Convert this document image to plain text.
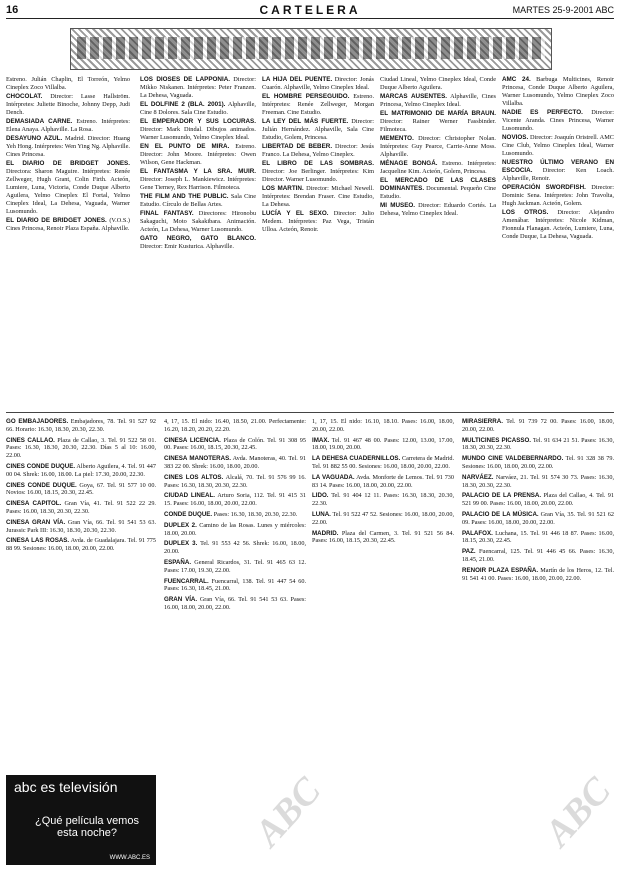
16	CARTELERA	MARTES 25-9-2001 ABC

Estreno. Julián Chaplin, El Torreón, Yelmo Cineplex Zoco Villalba.

CHOCOLAT. Director: Lasse Hallström. Intérpretes: Juliette Binoche, Johnny Depp, Judi Dench.

DEMASIADA CARNE. Estreno. Intérpretes: Elena Anaya. Alphaville. La Rosa.

DESAYUNO AZUL. Madrid. Director: Huang Yeh Hong. Intérpretes: Wen Ying Ng. Alphaville. Cines Princesa.

EL DIARIO DE BRIDGET JONES. Directora: Sharon Maguire. Intérpretes: Renée Zellweger, Hugh Grant, Colin Firth. Acteón, Lumiere, Luna, Victoria, Conde Duque Alberto Aguilera, Yelmo Cineplex El Fortal, Yelmo Cineplex Ideal, La Dehesa, Vaguada, Warner Lusomundo.

EL DIARIO DE BRIDGET JONES. (V.O.S.) Cines Princesa, Renoir Plaza España. Alphaville.

LOS DIOSES DE LAPPONIA. Director: Mikko Niskanen. Intérpretes: Peter Franzen. La Dehesa, Vaguada.

EL DOLFINE 2 (BLA. 2001). Alphaville, Cine 8 Dolores. Sala Cine Estudio.

EL EMPERADOR Y SUS LOCURAS. Director: Mark Dindal. Dibujos animados. Warner Lusomundo, Yelmo Cineplex Ideal.

EN EL PUNTO DE MIRA. Estreno. Director: John Moore. Intérpretes: Owen Wilson, Gene Hackman.

EL FANTASMA Y LA SRA. MUIR. Director: Joseph L. Mankiewicz. Intérpretes: Gene Tierney, Rex Harrison. Filmoteca.

THE FILM AND THE PUBLIC. Sala Cine Estudio. Círculo de Bellas Artes.

FINAL FANTASY. Directores: Hironobu Sakaguchi, Moto Sakakibara. Animación. Acteón, La Dehesa, Warner Lusomundo.

GATO NEGRO, GATO BLANCO. Director: Emir Kusturica. Alphaville.

LA HIJA DEL PUENTE. Director: Jonás Cuarón. Alphaville, Yelmo Cineplex Ideal.

EL HOMBRE PERSEGUIDO. Estreno. Intérpretes: Renée Zellweger, Morgan Freeman. Cine Estudio.

LA LEY DEL MÁS FUERTE. Director: Julián Hernández. Alphaville, Sala Cine Estudio, Golem, Princesa.

LIBERTAD DE BEBER. Director: Jesús Franco. La Dehesa, Yelmo Cineplex.

EL LIBRO DE LAS SOMBRAS. Director: Joe Berlinger. Intérpretes: Kim Director. Warner Lusomundo.

LOS MARTIN. Director: Michael Newell. Intérpretes: Brendan Fraser. Cine Estudio, La Dehesa.

LUCÍA Y EL SEXO. Director: Julio Medem. Intérpretes: Paz Vega, Tristán Ulloa. Acteón, Renoir.

Ciudad Lineal, Yelmo Cineplex Ideal, Conde Duque Alberto Aguilera.

MARCAS AUSENTES. Alphaville, Cines Princesa, Yelmo Cineplex Ideal.

EL MATRIMONIO DE MARÍA BRAUN. Director: Rainer Werner Fassbinder. Filmoteca.

MEMENTO. Director: Christopher Nolan. Intérpretes: Guy Pearce, Carrie-Anne Moss. Alphaville.

MÉNAGE BONGÁ. Estreno. Intérpretes: Jacqueline Kim. Acteón, Golem, Princesa.

EL MERCADO DE LAS CLASES DOMINANTES. Documental. Pequeño Cine Estudio.

MI MUSEO. Director: Eduardo Cortés. La Dehesa, Yelmo Cineplex Ideal.

AMC 24. Barbuga Multicines, Renoir Princesa, Conde Duque Alberto Aguilera, Warner Lusomundo, Yelmo Cineplex Zoco Villalba.

NADIE ES PERFECTO. Director: Vicente Aranda. Cines Princesa, Warner Lusomundo.

NOVIOS. Director: Joaquín Oristrell. AMC Cine Club, Yelmo Cineplex Ideal, Warner Lusomundo.

NUESTRO ÚLTIMO VERANO EN ESCOCIA. Director: Ken Loach. Alphaville, Renoir.

OPERACIÓN SWORDFISH. Director: Dominic Sena. Intérpretes: John Travolta, Hugh Jackman. Acteón, Golem.

LOS OTROS. Director: Alejandro Amenábar. Intérpretes: Nicole Kidman, Fionnula Flanagan. Acteón, Lumiere, Luna, Conde Duque, La Dehesa, Vaguada.

GO EMBAJADORES. Embajadores, 78. Tel. 91 527 92 66. Horario: 16.30, 18.30, 20.30, 22.30.

CINES CALLAO. Plaza de Callao, 3. Tel. 91 522 58 01. Pases: 16.30, 18.30, 20.30, 22.30. Días 5 al 10: 16.00, 22.00.

CINES CONDE DUQUE. Alberto Aguilera, 4. Tel. 91 447 00 04. Shrek: 16.00, 18.00. La piel: 17.30, 20.00, 22.30.

CINES CONDE DUQUE. Goya, 67. Tel. 91 577 10 00. Novios: 16.00, 18.15, 20.30, 22.45.

CINESA CAPITOL. Gran Vía, 41. Tel. 91 522 22 29. Pases: 16.00, 18.30, 20.30, 22.30.

CINESA GRAN VÍA. Gran Vía, 66. Tel. 91 541 53 63. Jurassic Park III: 16.30, 18.30, 20.30, 22.30.

CINESA LAS ROSAS. Avda. de Guadalajara. Tel. 91 775 88 99. Sesiones: 16.00, 18.00, 20.00, 22.00.

4, 17, 15. El nido: 16.40, 18.50, 21.00. Perfectamente: 16.20, 18.20, 20.20, 22.20.

CINESA LICENCIA. Plaza de Colón. Tel. 91 308 95 00. Pases: 16.00, 18.15, 20.30, 22.45.

CINESA MANOTERAS. Avda. Manoteras, 40. Tel. 91 383 22 00. Shrek: 16.00, 18.00, 20.00.

CINES LOS ALTOS. Alcalá, 70. Tel. 91 576 99 16. Pases: 16.30, 18.30, 20.30, 22.30.

CIUDAD LINEAL. Arturo Soria, 112. Tel. 91 415 31 15. Pases: 16.00, 18.00, 20.00, 22.00.

CONDE DUQUE. Pases: 16.30, 18.30, 20.30, 22.30.

DUPLEX 2. Camino de las Rosas. Lunes y miércoles: 18.00, 20.00.

DUPLEX 3. Tel. 91 553 42 56. Shrek: 16.00, 18.00, 20.00.

ESPAÑA. General Ricardos, 31. Tel. 91 465 63 12. Pases: 17.00, 19.30, 22.00.

FUENCARRAL. Fuencarral, 138. Tel. 91 447 54 60. Pases: 16.30, 18.45, 21.00.

GRAN VÍA. Gran Vía, 66. Tel. 91 541 53 63. Pases: 16.00, 18.00, 20.00, 22.00.

1, 17, 15. El nido: 16.10, 18.10. Pases: 16.00, 18.00, 20.00, 22.00.

IMAX. Tel. 91 467 48 00. Pases: 12.00, 13.00, 17.00, 18.00, 19.00, 20.00.

LA DEHESA CUADERNILLOS. Carretera de Madrid. Tel. 91 882 55 00. Sesiones: 16.00, 18.00, 20.00, 22.00.

LA VAGUADA. Avda. Monforte de Lemos. Tel. 91 730 83 14. Pases: 16.00, 18.00, 20.00, 22.00.

LIDO. Tel. 91 404 12 11. Pases: 16.30, 18.30, 20.30, 22.30.

LUNA. Tel. 91 522 47 52. Sesiones: 16.00, 18.00, 20.00, 22.00.

MADRID. Plaza del Carmen, 3. Tel. 91 521 56 84. Pases: 16.00, 18.15, 20.30, 22.45.

MIRASIERRA. Tel. 91 739 72 00. Pases: 16.00, 18.00, 20.00, 22.00.

MULTICINES PICASSO. Tel. 91 634 21 51. Pases: 16.30, 18.30, 20.30, 22.30.

MUNDO CINE VALDEBERNARDO. Tel. 91 328 38 79. Sesiones: 16.00, 18.00, 20.00, 22.00.

NARVÁEZ. Narváez, 21. Tel. 91 574 30 73. Pases: 16.30, 18.30, 20.30, 22.30.

PALACIO DE LA PRENSA. Plaza del Callao, 4. Tel. 91 521 99 00. Pases: 16.00, 18.00, 20.00, 22.00.

PALACIO DE LA MÚSICA. Gran Vía, 35. Tel. 91 521 62 09. Pases: 16.00, 18.00, 20.00, 22.00.

PALAFOX. Luchana, 15. Tel. 91 446 18 87. Pases: 16.00, 18.15, 20.30, 22.45.

PAZ. Fuencarral, 125. Tel. 91 446 45 66. Pases: 16.30, 18.45, 21.00.

RENOIR PLAZA ESPAÑA. Martín de los Heros, 12. Tel. 91 541 41 00. Pases: 16.00, 18.00, 20.00, 22.00.

abc es televisión
¿Qué película vemos esta noche?
WWW.ABC.ES
ABC	ABC
